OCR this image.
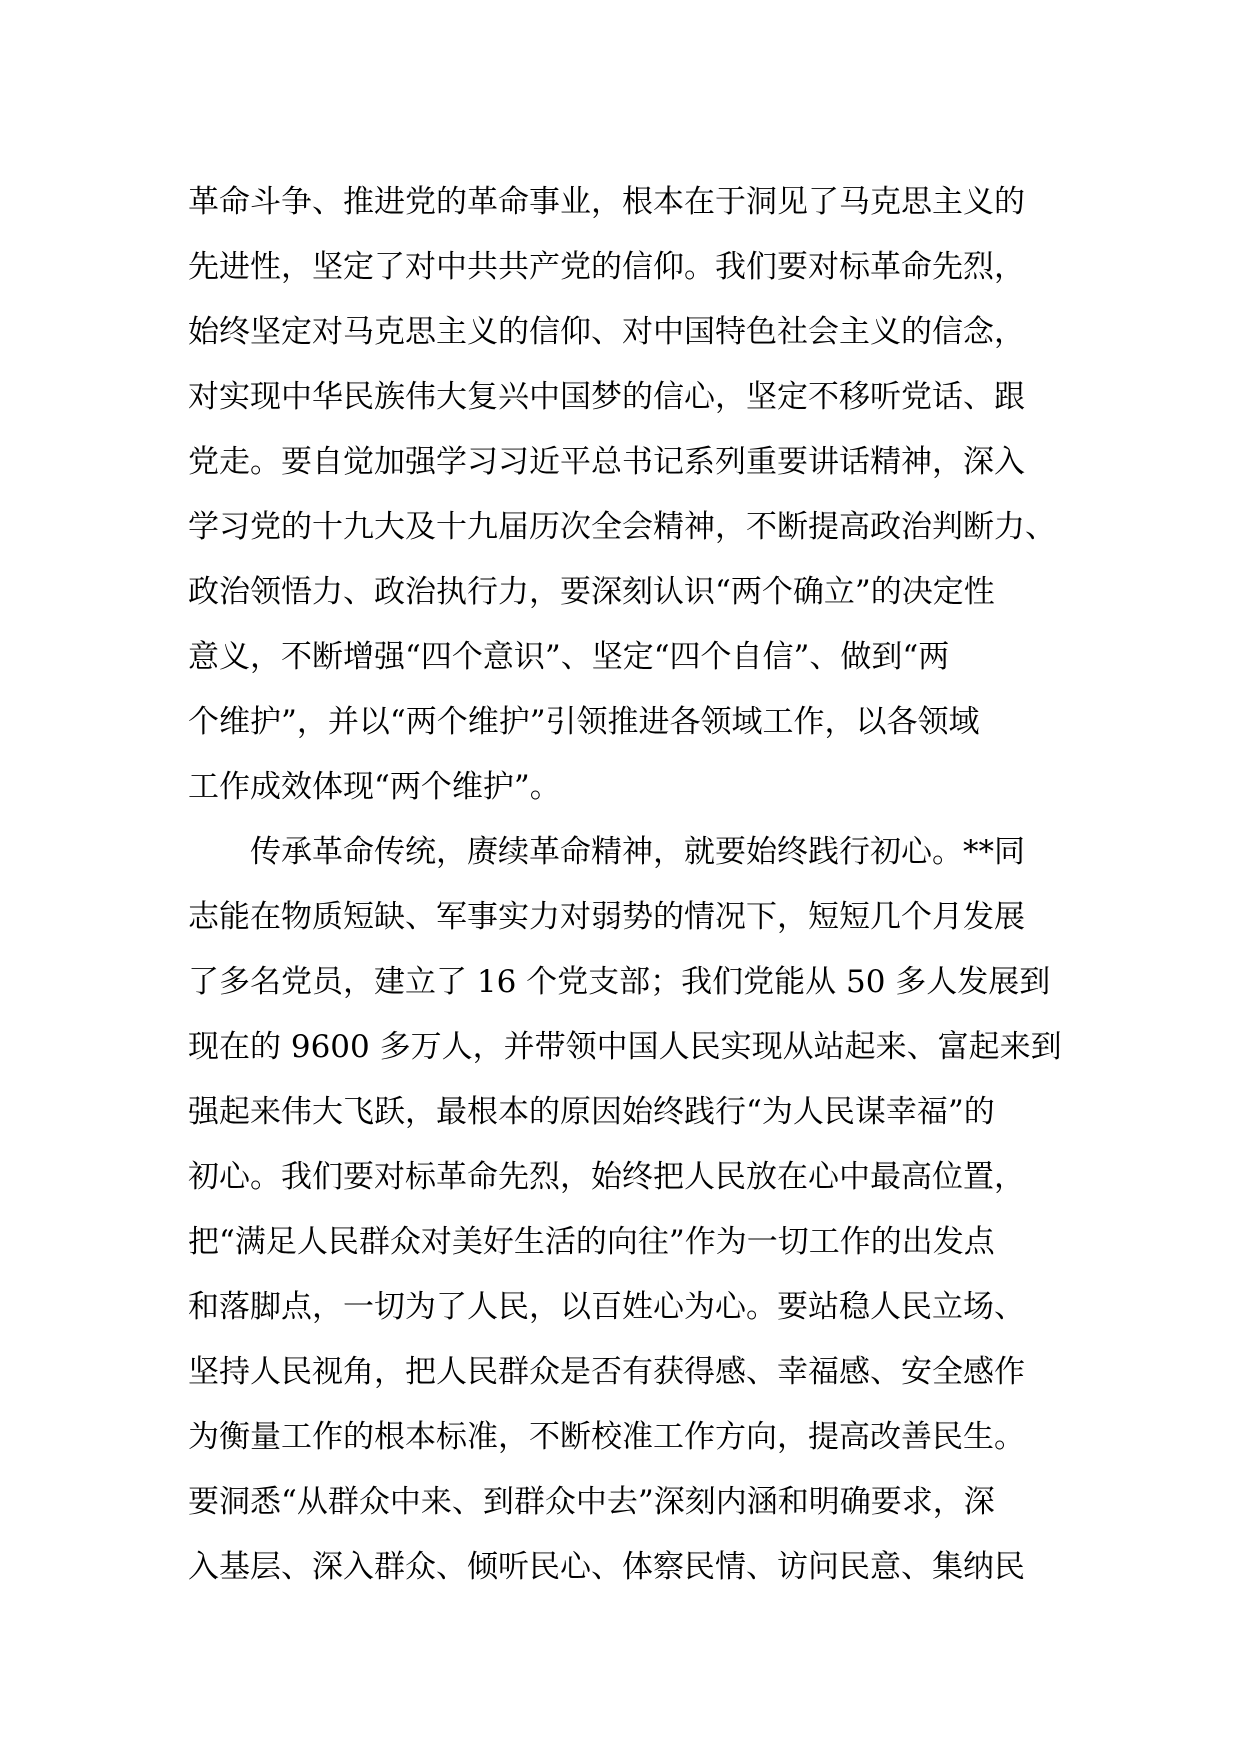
革命斗争、推进党的革命事业，根本在于洞见了马克思主义的
先进性，坚定了对中共共产党的信仰。我们要对标革命先烈，
始终坚定对马克思主义的信仰、对中国特色社会主义的信念，
对实现中华民族伟大复兴中国梦的信心，坚定不移听党话、跟
党走。要自觉加强学习习近平总书记系列重要讲话精神，深入
学习党的十九大及十九届历次全会精神，不断提高政治判断力、
政治领悟力、政治执行力，要深刻认识“两个确立”的决定性
意义，不断增强“四个意识”、坚定“四个自信”、做到“两
个维护”，并以“两个维护”引领推进各领域工作，以各领域
工作成效体现“两个维护”。
传承革命传统，赓续革命精神，就要始终践行初心。**同
志能在物质短缺、军事实力对弱势的情况下，短短几个月发展
了多名党员，建立了 16 个党支部；我们党能从 50 多人发展到
现在的 9600 多万人，并带领中国人民实现从站起来、富起来到
强起来伟大飞跃，最根本的原因始终践行“为人民谋幸福”的
初心。我们要对标革命先烈，始终把人民放在心中最高位置，
把“满足人民群众对美好生活的向往”作为一切工作的出发点
和落脚点，一切为了人民，以百姓心为心。要站稳人民立场、
坚持人民视角，把人民群众是否有获得感、幸福感、安全感作
为衡量工作的根本标准，不断校准工作方向，提高改善民生。
要洞悉“从群众中来、到群众中去”深刻内涵和明确要求，深
入基层、深入群众、倾听民心、体察民情、访问民意、集纳民
